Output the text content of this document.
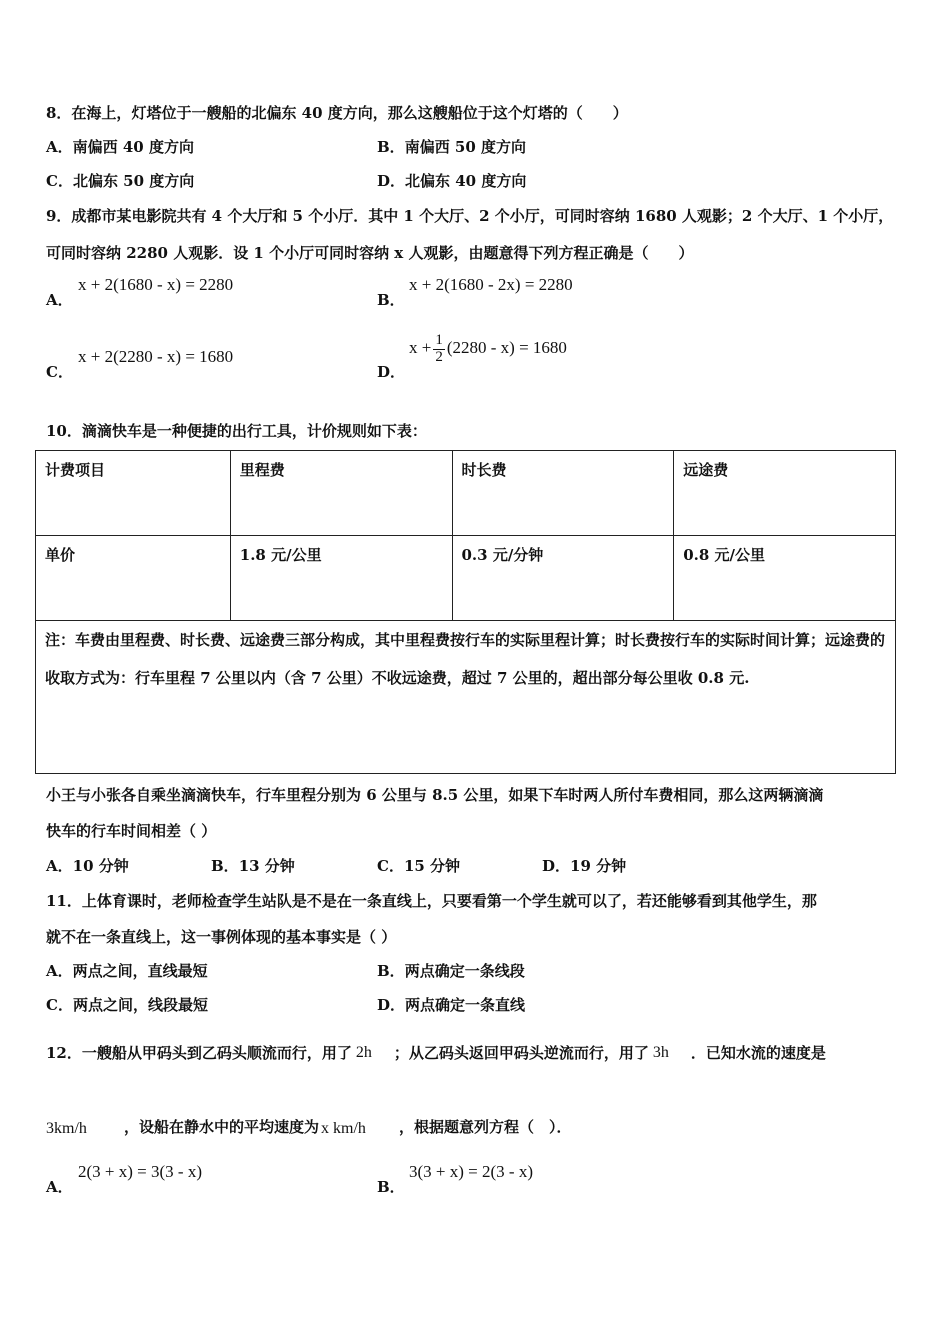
8．在海上，灯塔位于一艘船的北偏东 40 度方向，那么这艘船位于这个灯塔的（　　）
A．南偏西 40 度方向	B．南偏西 50 度方向
C．北偏东 50 度方向	D．北偏东 40 度方向
9．成都市某电影院共有 4 个大厅和 5 个小厅．其中 1 个大厅、2 个小厅，可同时容纳 1680 人观影；2 个大厅、1 个小厅，
可同时容纳 2280 人观影．设 1 个小厅可同时容纳 x 人观影，由题意得下列方程正确是（　　）
A．
x + 2(1680 - x) = 2280
B．
x + 2(1680 - 2x) = 2280
C．
x + 2(2280 - x) = 1680
D．
$x + \frac{1}{2} (2280 - x) = 1680$
10．滴滴快车是一种便捷的出行工具，计价规则如下表：
计费项目	里程费	时长费	远途费
单价	1.8 元/公里	0.3 元/分钟	0.8 元/公里
注：车费由里程费、时长费、远途费三部分构成，其中里程费按行车的实际里程计算；时长费按行车的实际时间计算；远途费的收取方式为：行车里程 7 公里以内（含 7 公里）不收远途费，超过 7 公里的，超出部分每公里收 0.8 元.			
小王与小张各自乘坐滴滴快车，行车里程分别为 6 公里与 8.5 公里，如果下车时两人所付车费相同，那么这两辆滴滴
快车的行车时间相差（ ）
A．10 分钟	B．13 分钟	C．15 分钟	D．19 分钟
11．上体育课时，老师检查学生站队是不是在一条直线上，只要看第一个学生就可以了，若还能够看到其他学生，那
就不在一条直线上，这一事例体现的基本事实是（ ）
A．两点之间，直线最短	B．两点确定一条线段
C．两点之间，线段最短	D．两点确定一条直线
12．一艘船从甲码头到乙码头顺流而行，用了 2h ；从乙码头返回甲码头逆流而行，用了 3h ．已知水流的速度是
3km/h ，设船在静水中的平均速度为 x km/h ，根据题意列方程（　）．
A．
2(3 + x) = 3(3 - x)
B．
3(3 + x) = 2(3 - x)
